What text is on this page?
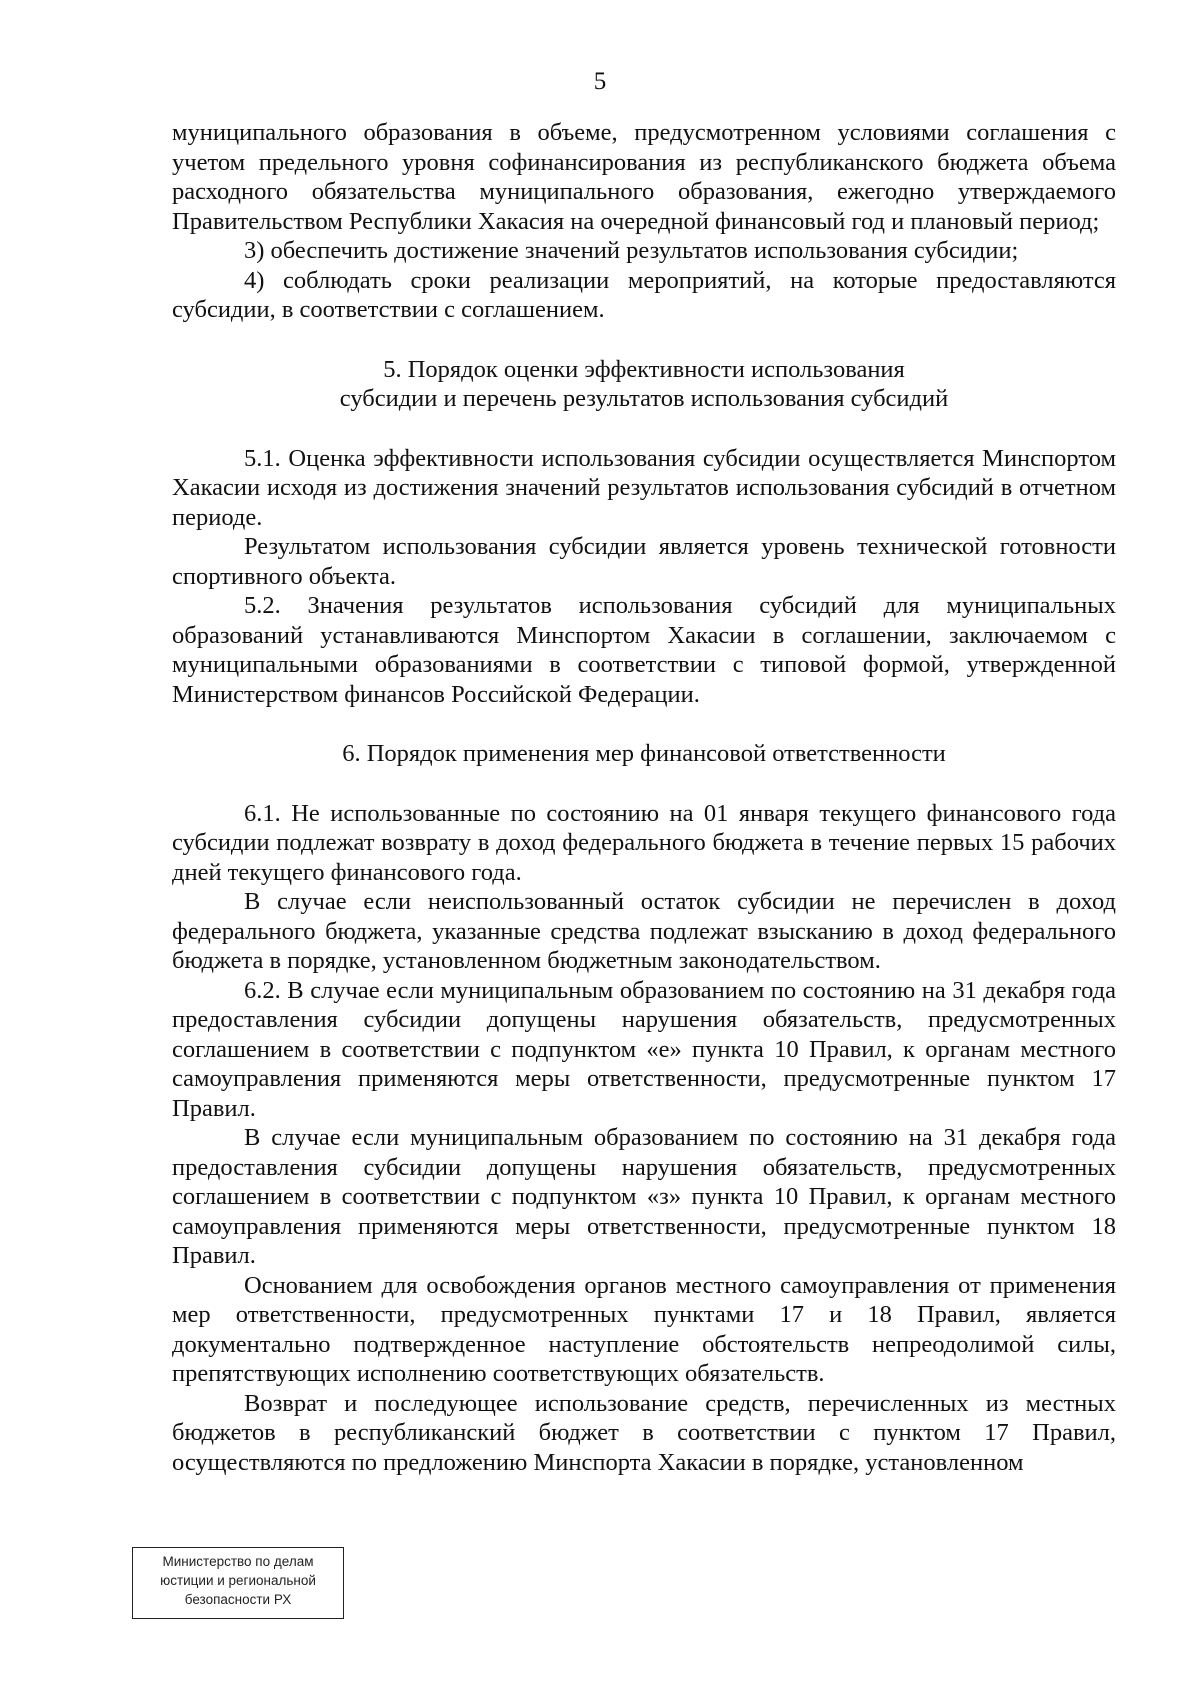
5

муниципального образования в объеме, предусмотренном условиями соглашения с учетом предельного уровня софинансирования из республиканского бюджета объема расходного обязательства муниципального образования, ежегодно утверждаемого Правительством Республики Хакасия на очередной финансовый год и плановый период;

3) обеспечить достижение значений результатов использования субсидии;

4) соблюдать сроки реализации мероприятий, на которые предоставляются субсидии, в соответствии с соглашением.

5. Порядок оценки эффективности использования
субсидии и перечень результатов использования субсидий

5.1. Оценка эффективности использования субсидии осуществляется Минспортом Хакасии исходя из достижения значений результатов использования субсидий в отчетном периоде.

Результатом использования субсидии является уровень технической готовности спортивного объекта.

5.2. Значения результатов использования субсидий для муниципальных образований устанавливаются Минспортом Хакасии в соглашении, заключаемом с муниципальными образованиями в соответствии с типовой формой, утвержденной Министерством финансов Российской Федерации.

6. Порядок применения мер финансовой ответственности

6.1. Не использованные по состоянию на 01 января текущего финансового года субсидии подлежат возврату в доход федерального бюджета в течение первых 15 рабочих дней текущего финансового года.

В случае если неиспользованный остаток субсидии не перечислен в доход федерального бюджета, указанные средства подлежат взысканию в доход федерального бюджета в порядке, установленном бюджетным законодательством.

6.2. В случае если муниципальным образованием по состоянию на 31 декабря года предоставления субсидии допущены нарушения обязательств, предусмотренных соглашением в соответствии с подпунктом «е» пункта 10 Правил, к органам местного самоуправления применяются меры ответственности, предусмотренные пунктом 17 Правил.

В случае если муниципальным образованием по состоянию на 31 декабря года предоставления субсидии допущены нарушения обязательств, предусмотренных соглашением в соответствии с подпунктом «з» пункта 10 Правил, к органам местного самоуправления применяются меры ответственности, предусмотренные пунктом 18 Правил.

Основанием для освобождения органов местного самоуправления от применения мер ответственности, предусмотренных пунктами 17 и 18 Правил, является документально подтвержденное наступление обстоятельств непреодолимой силы, препятствующих исполнению соответствующих обязательств.

Возврат и последующее использование средств, перечисленных из местных бюджетов в республиканский бюджет в соответствии с пунктом 17 Правил, осуществляются по предложению Минспорта Хакасии в порядке, установленном

Министерство по делам
юстиции и региональной
безопасности РХ
